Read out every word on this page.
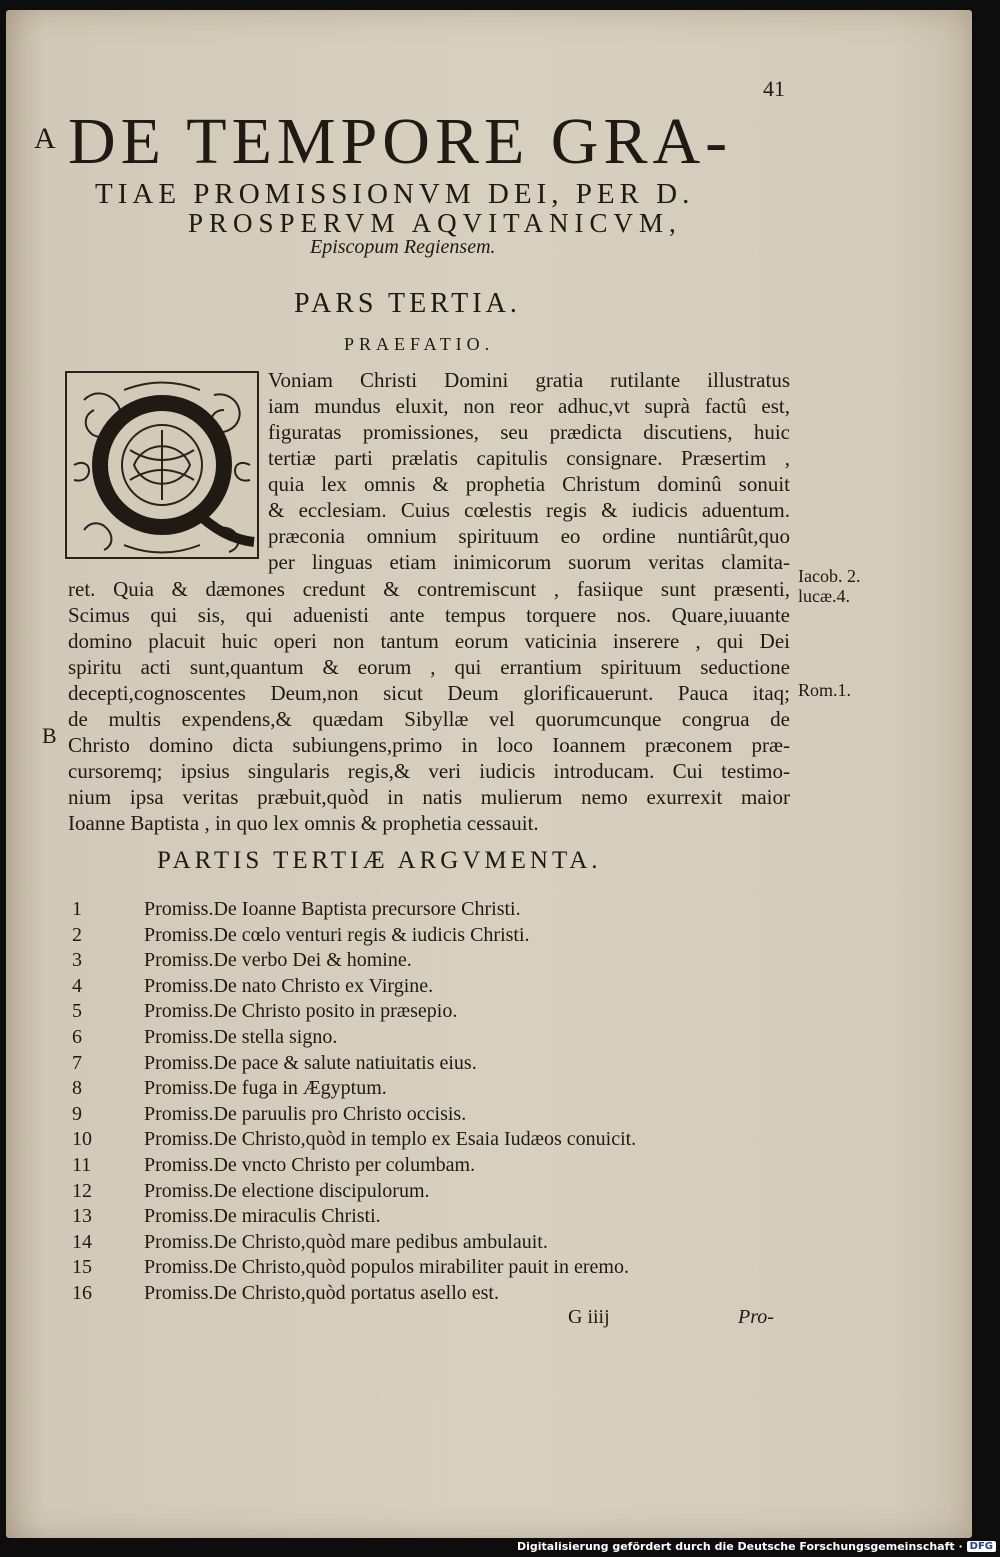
41
A DE TEMPORE GRA-
TIAE PROMISSIONVM DEI, PER D.
PROSPERVM AQVITANICVM,
Episcopum Regiensem.
PARS TERTIA.
PRAEFATIO.
Voniam Christi Domini gratia rutilante illustratus
iam mundus eluxit, non reor adhuc,vt suprà factû est,
figuratas promissiones, seu prædicta discutiens, huic
tertiæ parti prælatis capitulis consignare. Præsertim ,
quia lex omnis & prophetia Christum dominû sonuit
& ecclesiam. Cuius cœlestis regis & iudicis aduentum.
præconia omnium spirituum eo ordine nuntiârût,quo
per linguas etiam inimicorum suorum veritas clamita-
ret. Quia & dæmones credunt & contremiscunt , fasiique sunt præsenti,
Scimus qui sis, qui aduenisti ante tempus torquere nos. Quare,iuuante
domino placuit huic operi non tantum eorum vaticinia inserere , qui Dei
spiritu acti sunt,quantum & eorum , qui errantium spirituum seductione
decepti,cognoscentes Deum,non sicut Deum glorificauerunt. Pauca itaq;
de multis expendens,& quædam Sibyllæ vel quorumcunque congrua de
Christo domino dicta subiungens,primo in loco Ioannem præconem præ-
cursoremq; ipsius singularis regis,& veri iudicis introducam. Cui testimo-
nium ipsa veritas præbuit,quòd in natis mulierum nemo exurrexit maior
Ioanne Baptista , in quo lex omnis & prophetia cessauit.
Iacob. 2.
lucæ.4.
Rom.1.
B
PARTIS TERTIÆ ARGVMENTA.
1	Promiss.De Ioanne Baptista precursore Christi.
2	Promiss.De cœlo venturi regis & iudicis Christi.
3	Promiss.De verbo Dei & homine.
4	Promiss.De nato Christo ex Virgine.
5	Promiss.De Christo posito in præsepio.
6	Promiss.De stella signo.
7	Promiss.De pace & salute natiuitatis eius.
8	Promiss.De fuga in Ægyptum.
9	Promiss.De paruulis pro Christo occisis.
10	Promiss.De Christo,quòd in templo ex Esaia Iudæos conuicit.
11	Promiss.De vncto Christo per columbam.
12	Promiss.De electione discipulorum.
13	Promiss.De miraculis Christi.
14	Promiss.De Christo,quòd mare pedibus ambulauit.
15	Promiss.De Christo,quòd populos mirabiliter pauit in eremo.
16	Promiss.De Christo,quòd portatus asello est.
G iiij	Pro-
Digitalisierung gefördert durch die Deutsche Forschungsgemeinschaft · DFG
